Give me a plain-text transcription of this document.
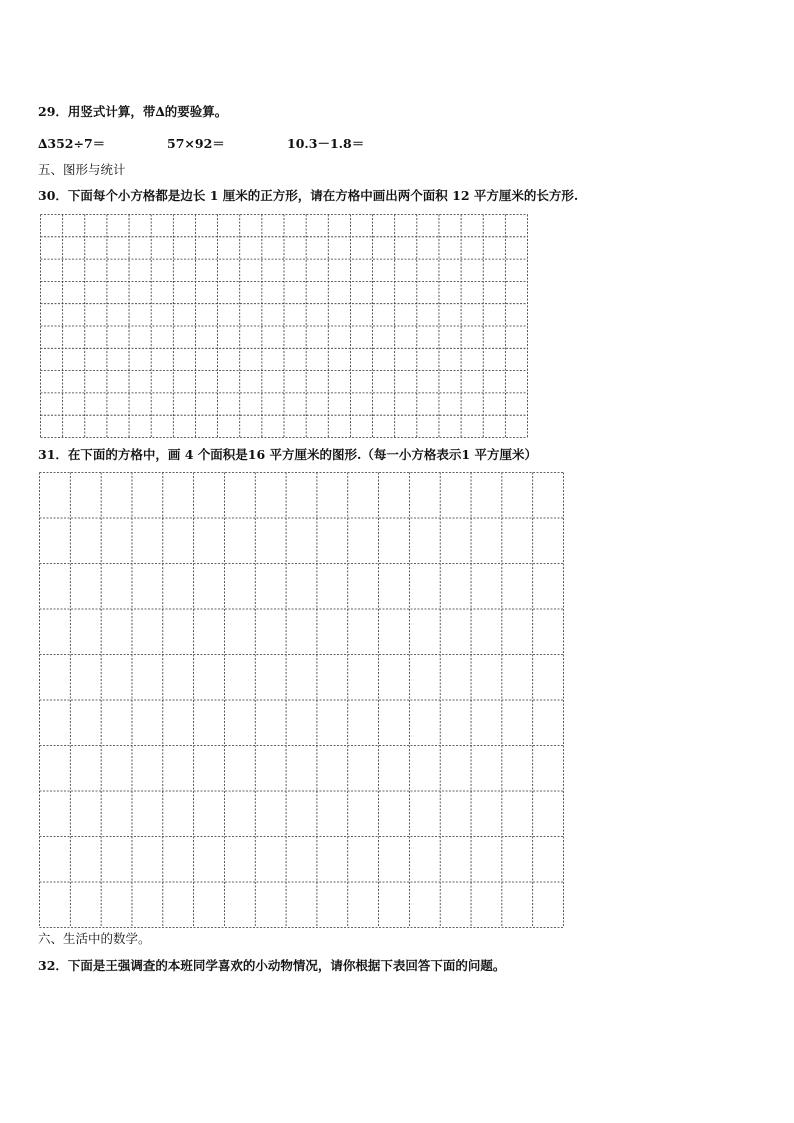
29．用竖式计算，带∆的要验算。
∆352÷7＝	57×92＝	10.3－1.8＝
五、图形与统计
30．下面每个小方格都是边长 1 厘米的正方形，请在方格中画出两个面积 12 平方厘米的长方形.
31．在下面的方格中，画 4 个面积是16 平方厘米的图形.（每一小方格表示1 平方厘米）
六、生活中的数学。
32．下面是王强调查的本班同学喜欢的小动物情况，请你根据下表回答下面的问题。
